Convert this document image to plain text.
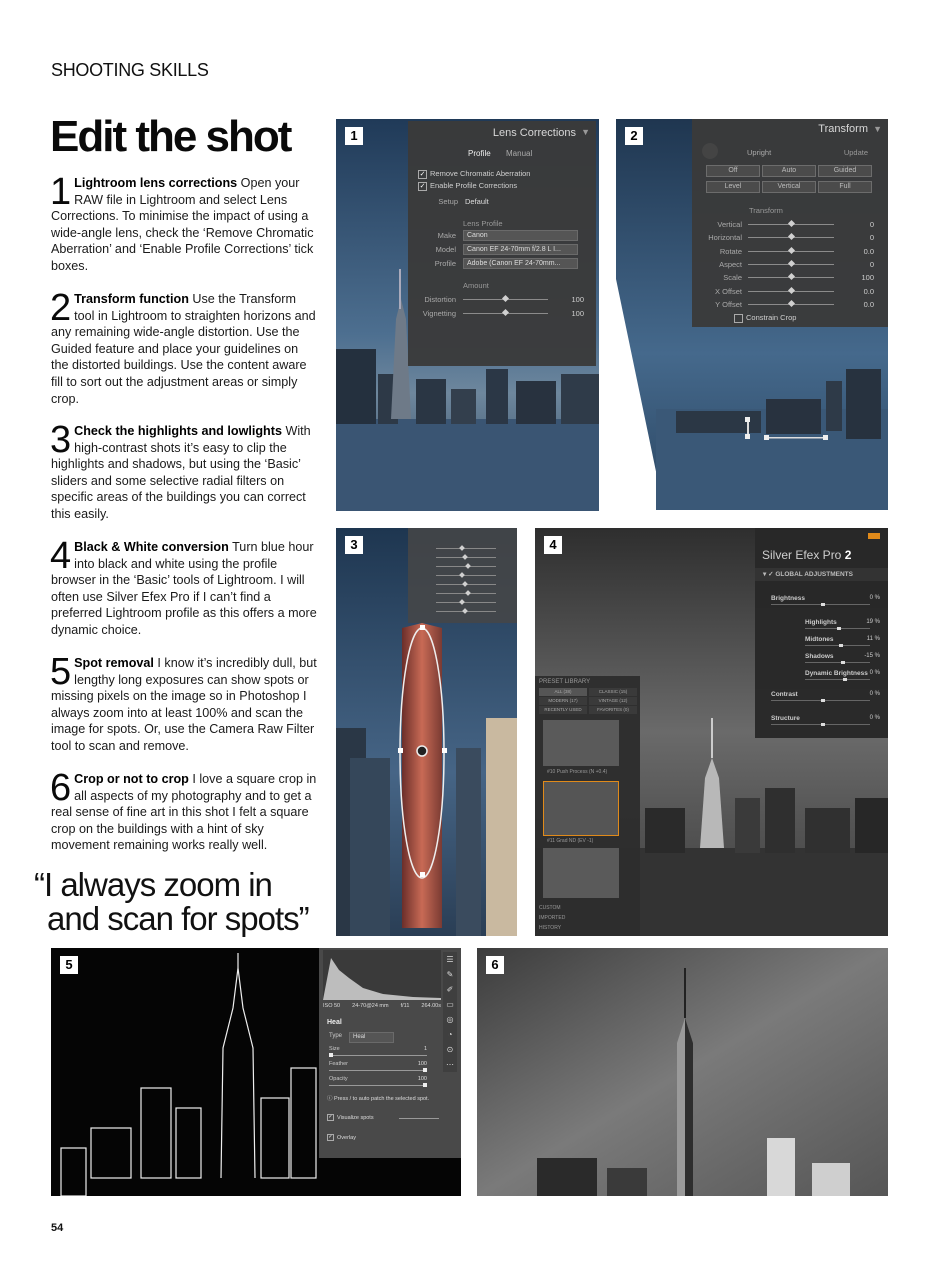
SHOOTING SKILLS
Edit the shot
1 Lightroom lens corrections Open your RAW file in Lightroom and select Lens Corrections. To minimise the impact of using a wide-angle lens, check the ‘Remove Chromatic Aberration’ and ‘Enable Profile Corrections’ tick boxes.
2 Transform function Use the Transform tool in Lightroom to straighten horizons and any remaining wide-angle distortion. Use the Guided feature and place your guidelines on the distorted buildings. Use the content aware fill to sort out the adjustment areas or simply crop.
3 Check the highlights and lowlights With high-contrast shots it’s easy to clip the highlights and shadows, but using the ‘Basic’ sliders and some selective radial filters on specific areas of the buildings you can correct this easily.
4 Black & White conversion Turn blue hour into black and white using the profile browser in the ‘Basic’ tools of Lightroom. I will often use Silver Efex Pro if I can’t find a preferred Lightroom profile as this offers a more dynamic choice.
5 Spot removal I know it’s incredibly dull, but lengthy long exposures can show spots or missing pixels on the image so in Photoshop I always zoom into at least 100% and scan the image for spots. Or, use the Camera Raw Filter tool to scan and remove.
6 Crop or not to crop I love a square crop in all aspects of my photography and to get a real sense of fine art in this shot I felt a square crop on the buildings with a hint of sky movement remaining works really well.
“I always zoom in
and scan for spots”
54
1	Lens Corrections ▼
Profile Manual
✓ Remove Chromatic Aberration
✓ Enable Profile Corrections
Setup Default
Lens Profile
Make	Canon
Model	Canon EF 24-70mm f/2.8 L I...
Profile	Adobe (Canon EF 24-70mm...
Amount
Distortion	100
Vignetting	100
2	Transform ▼
Upright	Update
Off	Auto	Guided
Level	Vertical	Full
Transform
Vertical	0
Horizontal	0
Rotate	0.0
Aspect	0
Scale	100
X Offset	0.0
Y Offset	0.0
Constrain Crop
3	4
Silver Efex Pro 2
▾ ✓ GLOBAL ADJUSTMENTS
Brightness	0 %
Highlights	19 %
Midtones	11 %
Shadows	-15 %
Dynamic Brightness 0 %
Contrast	0 %
Structure	0 %
PRESET LIBRARY
ALL (38)	CLASSIC (15)
MODERN (17)	VINTAGE (12)
RECENTLY USED	FAVORITES (0)
#10 Push Process (N +0.4)
#11 Grad ND (EV -1)
CUSTOM
IMPORTED
HISTORY
5
ISO 50 24-70@24 mm f/11 264.00s
Heal
Type	Heal
Size	1
Feather	100
Opacity	100
ⓘ Press / to auto patch the selected spot.
✓ Visualize spots
✓ Overlay
☰
✎
✐
▭
◎
◔
⊙
⋯
6
